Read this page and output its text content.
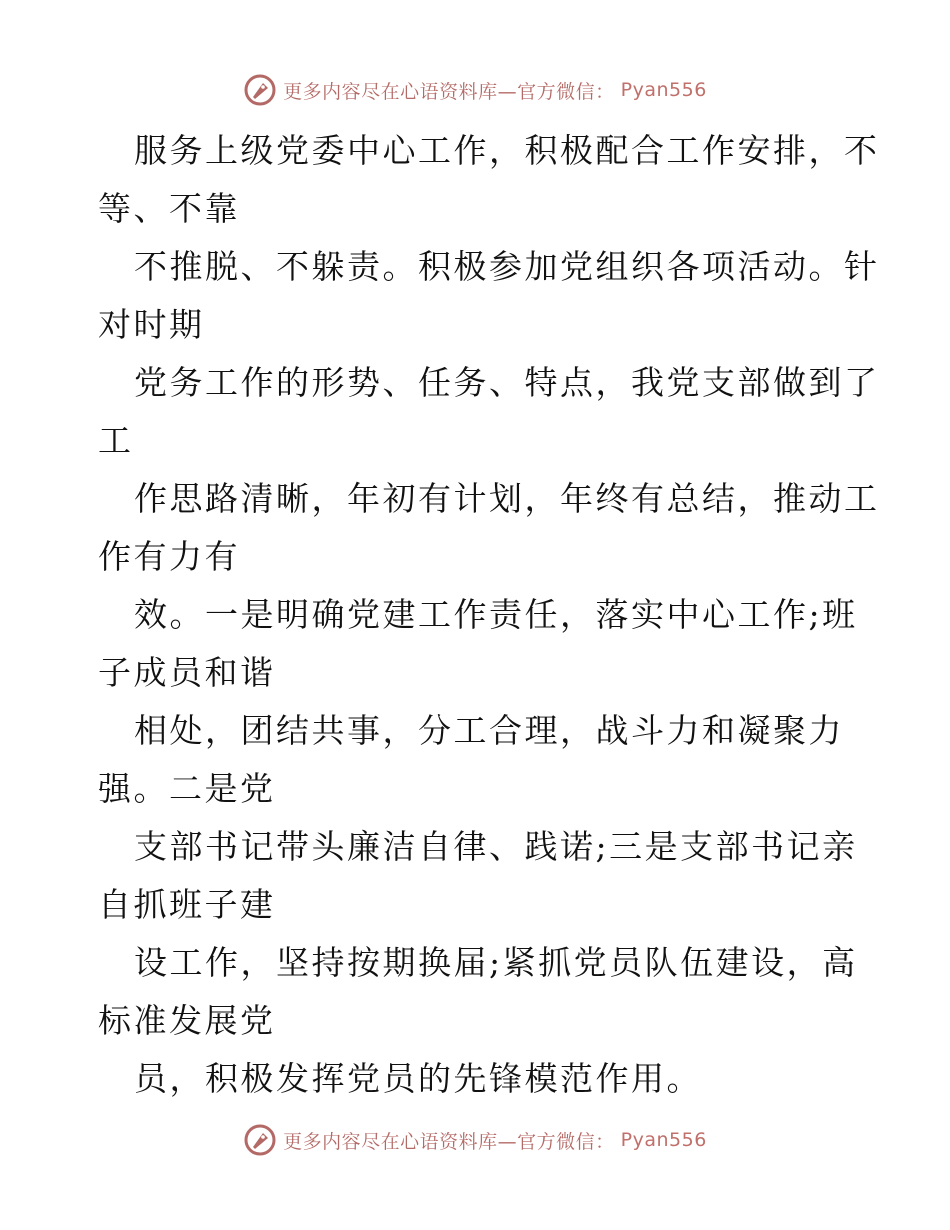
更多内容尽在心语资料库—官方微信： Pyan556
服务上级党委中心工作，积极配合工作安排，不
等、不靠
不推脱、不躲责。积极参加党组织各项活动。针
对时期
党务工作的形势、任务、特点，我党支部做到了
工
作思路清晰，年初有计划，年终有总结，推动工
作有力有
效。一是明确党建工作责任，落实中心工作;班
子成员和谐
相处，团结共事，分工合理，战斗力和凝聚力
强。二是党
支部书记带头廉洁自律、践诺;三是支部书记亲
自抓班子建
设工作，坚持按期换届;紧抓党员队伍建设，高
标准发展党
员，积极发挥党员的先锋模范作用。
更多内容尽在心语资料库—官方微信： Pyan556
